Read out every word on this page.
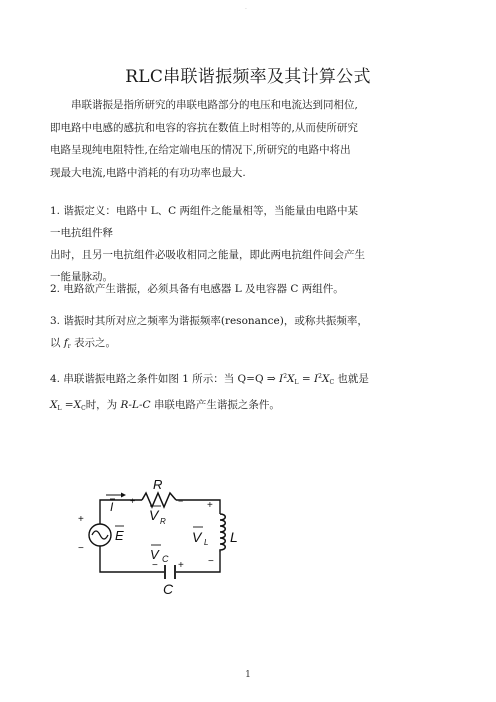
.
RLC串联谐振频率及其计算公式
串联谐振是指所研究的串联电路部分的电压和电流达到同相位,
即电路中电感的感抗和电容的容抗在数值上时相等的,从而使所研究
电路呈现纯电阻特性,在给定端电压的情况下,所研究的电路中将出
现最大电流,电路中消耗的有功功率也最大.
1. 谐振定义：电路中 L、C 两组件之能量相等，当能量由电路中某
一电抗组件释
出时，且另一电抗组件必吸收相同之能量，即此两电抗组件间会产生
一能量脉动。
2. 电路欲产生谐振，必须具备有电感器 L 及电容器 C 两组件。
3. 谐振时其所对应之频率为谐振频率(resonance)，或称共振频率，
以 $f_r$ 表示之。
4. 串联谐振电路之条件如图 1 所示：当 Q=Q ⇒ $I^2X_L = I^2X_C$ 也就是
$X_L =X_C$时，为 R-L-C 串联电路产生谐振之条件。
R
+	−
V R
I
+
−
E
+
−
V L L
V C
− +
C
1
